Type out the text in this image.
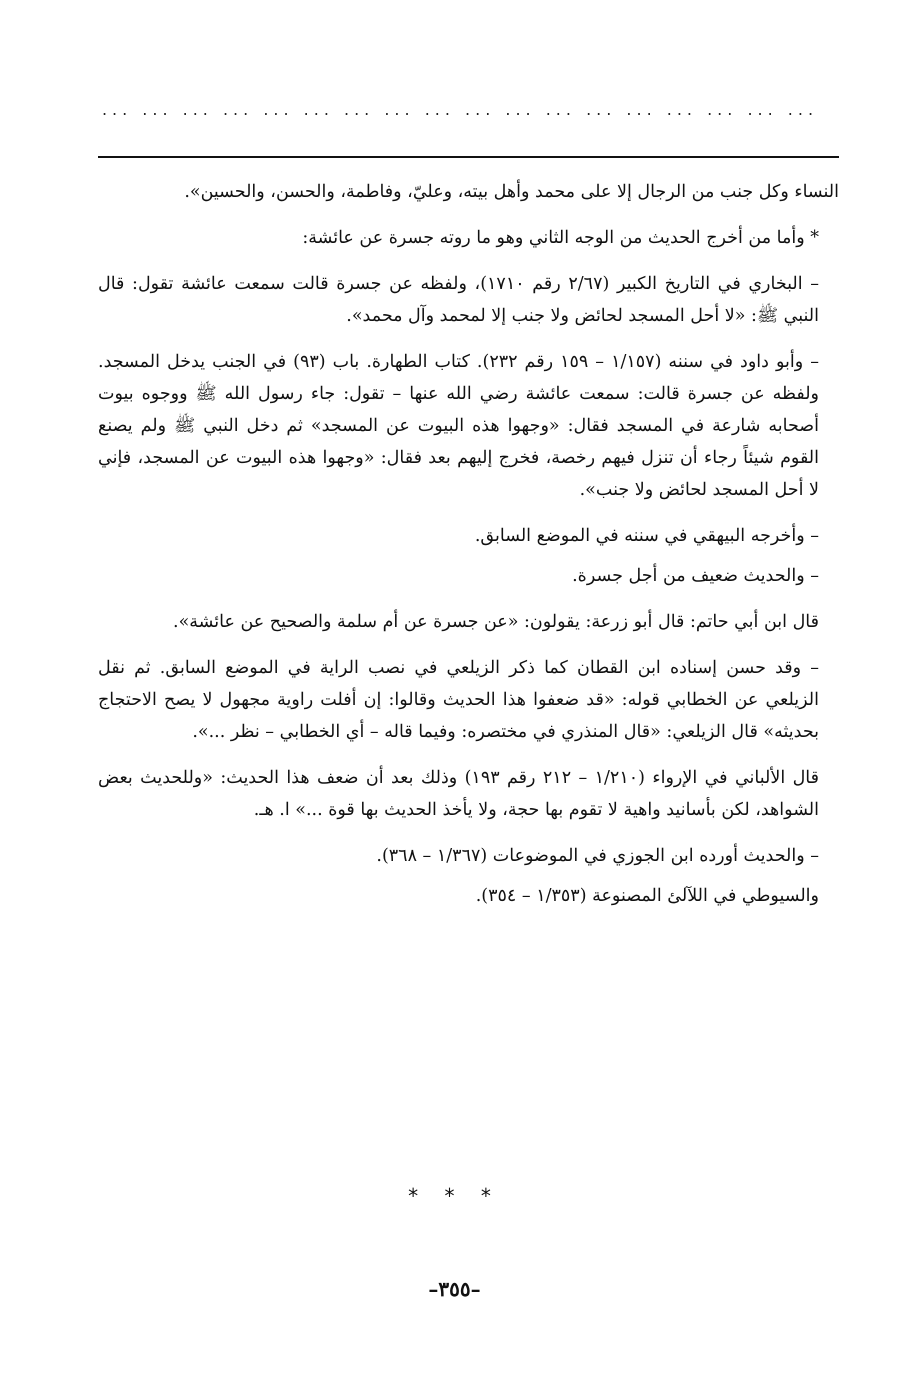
... ... ... ... ... ... ... ... ... ... ... ... ... ... ... ... ... ...

النساء وكل جنب من الرجال إلا على محمد وأهل بيته، وعليّ، وفاطمة، والحسن، والحسين».

* وأما من أخرج الحديث من الوجه الثاني وهو ما روته جسرة عن عائشة:

– البخاري في التاريخ الكبير (٢/٦٧ رقم ١٧١٠)، ولفظه عن جسرة قالت سمعت عائشة تقول: قال النبي ﷺ: «لا أحل المسجد لحائض ولا جنب إلا لمحمد وآل محمد».

– وأبو داود في سننه (١/١٥٧ – ١٥٩ رقم ٢٣٢). كتاب الطهارة. باب (٩٣) في الجنب يدخل المسجد. ولفظه عن جسرة قالت: سمعت عائشة رضي الله عنها – تقول: جاء رسول الله ﷺ ووجوه بيوت أصحابه شارعة في المسجد فقال: «وجهوا هذه البيوت عن المسجد» ثم دخل النبي ﷺ ولم يصنع القوم شيئاً رجاء أن تنزل فيهم رخصة، فخرج إليهم بعد فقال: «وجهوا هذه البيوت عن المسجد، فإني لا أحل المسجد لحائض ولا جنب».

– وأخرجه البيهقي في سننه في الموضع السابق.

– والحديث ضعيف من أجل جسرة.

قال ابن أبي حاتم: قال أبو زرعة: يقولون: «عن جسرة عن أم سلمة والصحيح عن عائشة».

– وقد حسن إسناده ابن القطان كما ذكر الزيلعي في نصب الراية في الموضع السابق. ثم نقل الزيلعي عن الخطابي قوله: «قد ضعفوا هذا الحديث وقالوا: إن أفلت راوية مجهول لا يصح الاحتجاج بحديثه» قال الزيلعي: «قال المنذري في مختصره: وفيما قاله – أي الخطابي – نظر ...».

قال الألباني في الإرواء (١/٢١٠ – ٢١٢ رقم ١٩٣) وذلك بعد أن ضعف هذا الحديث: «وللحديث بعض الشواهد، لكن بأسانيد واهية لا تقوم بها حجة، ولا يأخذ الحديث بها قوة ...» ا. هـ.

– والحديث أورده ابن الجوزي في الموضوعات (١/٣٦٧ – ٣٦٨).

والسيوطي في اللآلئ المصنوعة (١/٣٥٣ – ٣٥٤).

* * *
–٣٥٥–
